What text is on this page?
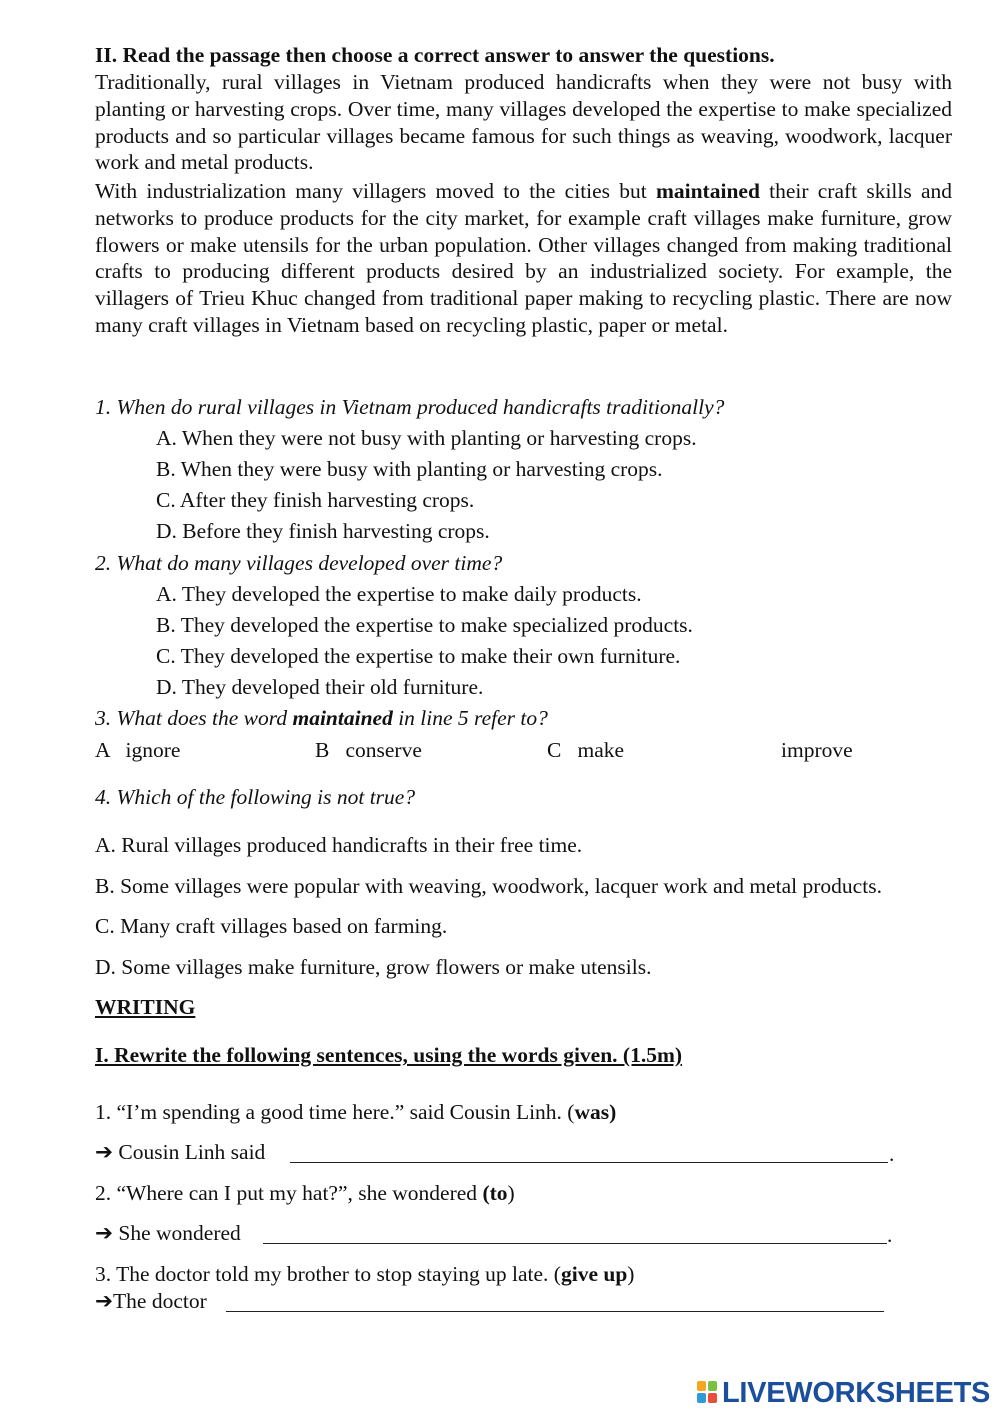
II. Read the passage then choose a correct answer to answer the questions.

Traditionally, rural villages in Vietnam produced handicrafts when they were not busy with planting or harvesting crops. Over time, many villages developed the expertise to make specialized products and so particular villages became famous for such things as weaving, woodwork, lacquer work and metal products.

With industrialization many villagers moved to the cities but maintained their craft skills and networks to produce products for the city market, for example craft villages make furniture, grow flowers or make utensils for the urban population. Other villages changed from making traditional crafts to producing different products desired by an industrialized society. For example, the villagers of Trieu Khuc changed from traditional paper making to recycling plastic. There are now many craft villages in Vietnam based on recycling plastic, paper or metal.

1. When do rural villages in Vietnam produced handicrafts traditionally?
A. When they were not busy with planting or harvesting crops.
B. When they were busy with planting or harvesting crops.
C. After they finish harvesting crops.
D. Before they finish harvesting crops.
2. What do many villages developed over time?
A. They developed the expertise to make daily products.
B. They developed the expertise to make specialized products.
C. They developed the expertise to make their own furniture.
D. They developed their old furniture.
3. What does the word maintained in line 5 refer to?
A   ignore	B   conserve	C   make	improve
4. Which of the following is not true?
A. Rural villages produced handicrafts in their free time.
B. Some villages were popular with weaving, woodwork, lacquer work and metal products.
C. Many craft villages based on farming.
D. Some villages make furniture, grow flowers or make utensils.
WRITING
I. Rewrite the following sentences, using the words given. (1.5m)
1. “I’m spending a good time here.” said Cousin Linh. (was)
➔ Cousin Linh said	.
2. “Where can I put my hat?”, she wondered (to)
➔ She wondered	.
3. The doctor told my brother to stop staying up late. (give up)
➔The doctor
LIVEWORKSHEETS
